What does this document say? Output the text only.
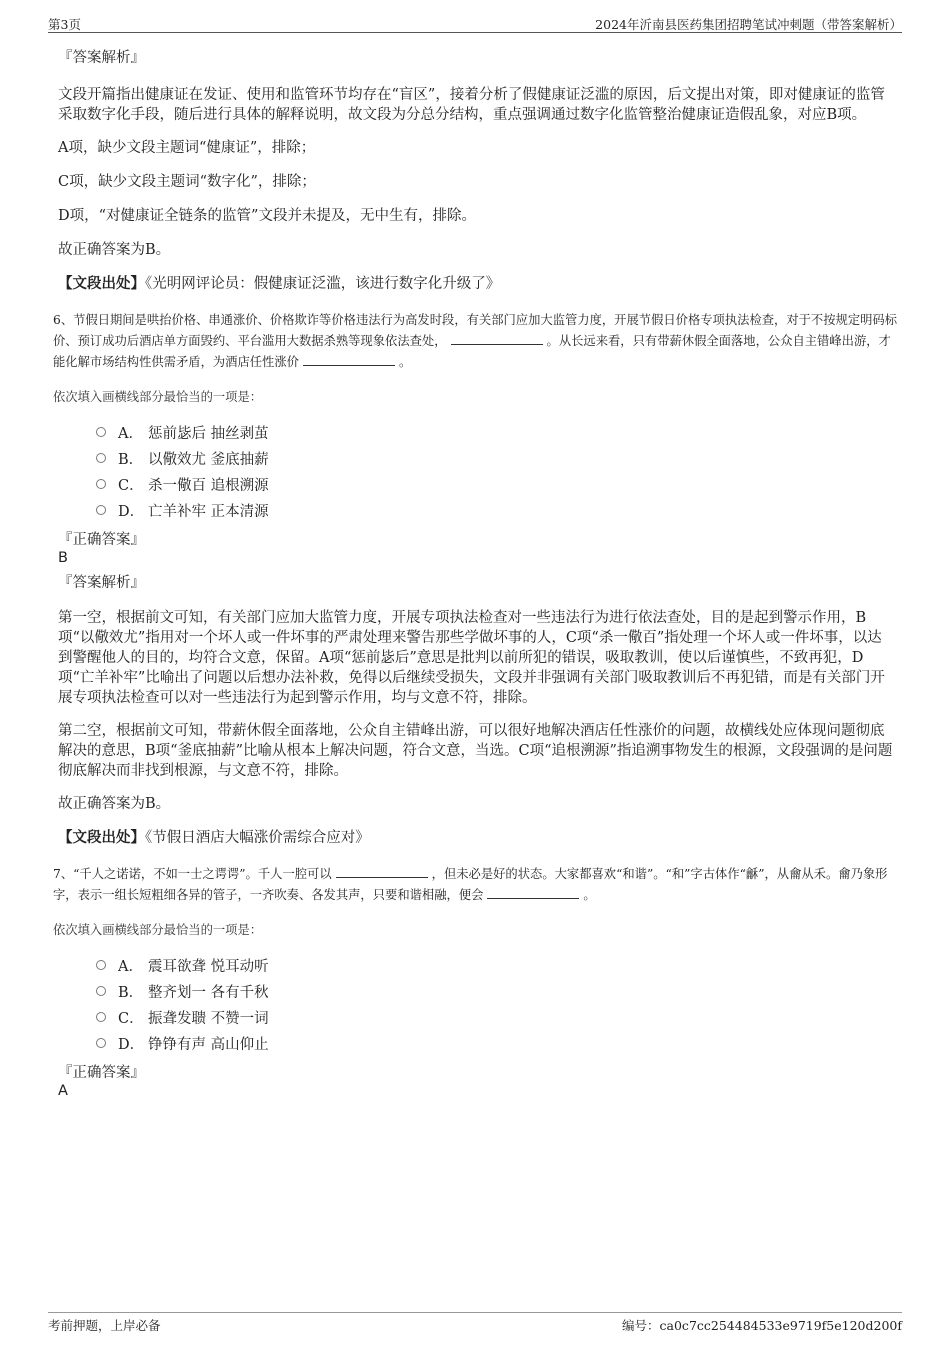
第3页	2024年沂南县医药集团招聘笔试冲刺题（带答案解析）

『答案解析』

文段开篇指出健康证在发证、使用和监管环节均存在“盲区”，接着分析了假健康证泛滥的原因，后文提出对策，即对健康证的监管采取数字化手段，随后进行具体的解释说明，故文段为分总分结构，重点强调通过数字化监管整治健康证造假乱象，对应B项。

A项，缺少文段主题词“健康证”，排除；

C项，缺少文段主题词“数字化”，排除；

D项，“对健康证全链条的监管”文段并未提及，无中生有，排除。

故正确答案为B。

【文段出处】《光明网评论员：假健康证泛滥，该进行数字化升级了》

6、节假日期间是哄抬价格、串通涨价、价格欺诈等价格违法行为高发时段，有关部门应加大监管力度，开展节假日价格专项执法检查，对于不按规定明码标价、预订成功后酒店单方面毁约、平台滥用大数据杀熟等现象依法查处，	。从长远来看，只有带薪休假全面落地，公众自主错峰出游，才能化解市场结构性供需矛盾，为酒店任性涨价	。

依次填入画横线部分最恰当的一项是：

A． 惩前毖后 抽丝剥茧
B． 以儆效尤 釜底抽薪
C． 杀一儆百 追根溯源
D． 亡羊补牢 正本清源

『正确答案』

B

『答案解析』

第一空，根据前文可知，有关部门应加大监管力度，开展专项执法检查对一些违法行为进行依法查处，目的是起到警示作用，B项“以儆效尤”指用对一个坏人或一件坏事的严肃处理来警告那些学做坏事的人，C项“杀一儆百”指处理一个坏人或一件坏事，以达到警醒他人的目的，均符合文意，保留。A项“惩前毖后”意思是批判以前所犯的错误，吸取教训，使以后谨慎些，不致再犯，D项“亡羊补牢”比喻出了问题以后想办法补救，免得以后继续受损失，文段并非强调有关部门吸取教训后不再犯错，而是有关部门开展专项执法检查可以对一些违法行为起到警示作用，均与文意不符，排除。

第二空，根据前文可知，带薪休假全面落地，公众自主错峰出游，可以很好地解决酒店任性涨价的问题，故横线处应体现问题彻底解决的意思，B项“釜底抽薪”比喻从根本上解决问题，符合文意，当选。C项“追根溯源”指追溯事物发生的根源，文段强调的是问题彻底解决而非找到根源，与文意不符，排除。

故正确答案为B。

【文段出处】《节假日酒店大幅涨价需综合应对》

7、“千人之诺诺，不如一士之谔谔”。千人一腔可以	，但未必是好的状态。大家都喜欢“和谐”。“和”字古体作“龢”，从龠从禾。龠乃象形字，表示一组长短粗细各异的管子，一齐吹奏、各发其声，只要和谐相融，便会	。

依次填入画横线部分最恰当的一项是：

A． 震耳欲聋 悦耳动听
B． 整齐划一 各有千秋
C． 振聋发聩 不赞一词
D． 铮铮有声 高山仰止

『正确答案』

A

考前押题，上岸必备	编号：ca0c7cc254484533e9719f5e120d200f
